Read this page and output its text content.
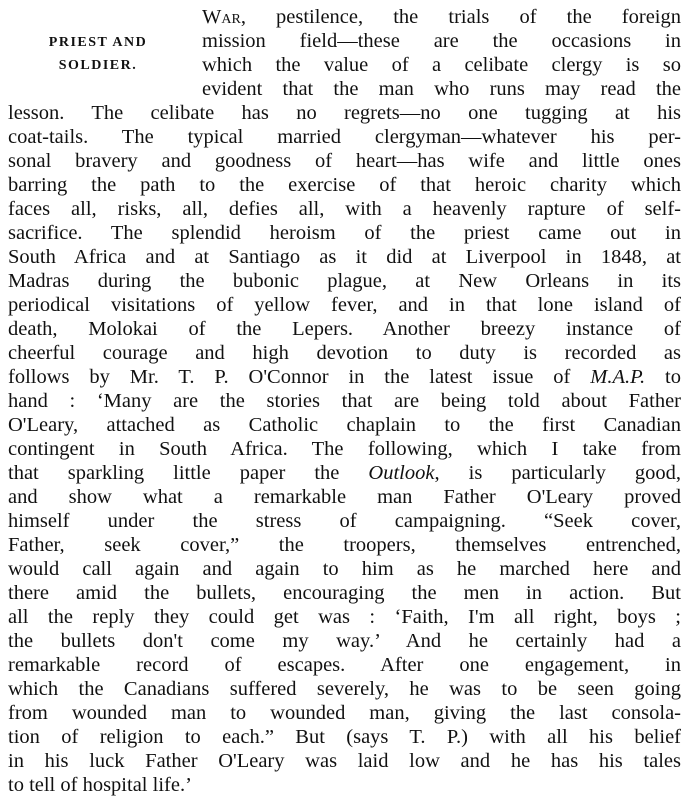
PRIEST AND
SOLDIER.
War, pestilence, the trials of the foreign
mission field—these are the occasions in
which the value of a celibate clergy is so
evident that the man who runs may read the
lesson. The celibate has no regrets—no one tugging at his
coat-tails. The typical married clergyman—whatever his per-
sonal bravery and goodness of heart—has wife and little ones
barring the path to the exercise of that heroic charity which
faces all, risks, all, defies all, with a heavenly rapture of self-
sacrifice. The splendid heroism of the priest came out in
South Africa and at Santiago as it did at Liverpool in 1848, at
Madras during the bubonic plague, at New Orleans in its
periodical visitations of yellow fever, and in that lone island of
death, Molokai of the Lepers. Another breezy instance of
cheerful courage and high devotion to duty is recorded as
follows by Mr. T. P. O'Connor in the latest issue of M.A.P. to
hand : ‘Many are the stories that are being told about Father
O'Leary, attached as Catholic chaplain to the first Canadian
contingent in South Africa. The following, which I take from
that sparkling little paper the Outlook, is particularly good,
and show what a remarkable man Father O'Leary proved
himself under the stress of campaigning. “Seek cover,
Father, seek cover,” the troopers, themselves entrenched,
would call again and again to him as he marched here and
there amid the bullets, encouraging the men in action. But
all the reply they could get was : ‘Faith, I'm all right, boys ;
the bullets don't come my way.’ And he certainly had a
remarkable record of escapes. After one engagement, in
which the Canadians suffered severely, he was to be seen going
from wounded man to wounded man, giving the last consola-
tion of religion to each.” But (says T. P.) with all his belief
in his luck Father O'Leary was laid low and he has his tales
to tell of hospital life.’
